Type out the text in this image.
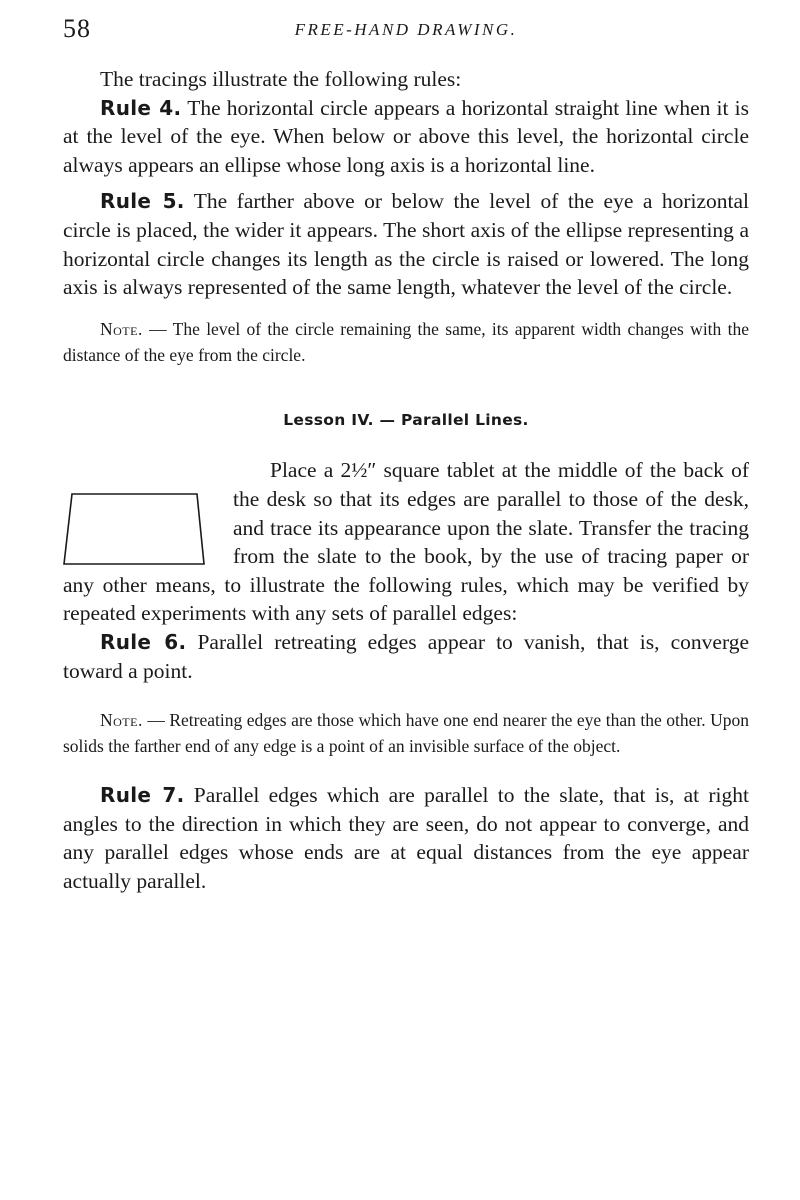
58	FREE-HAND DRAWING.

The tracings illustrate the following rules:

Rule 4. The horizontal circle appears a horizontal straight line when it is at the level of the eye. When below or above this level, the horizontal circle always appears an ellipse whose long axis is a horizontal line.

Rule 5. The farther above or below the level of the eye a horizontal circle is placed, the wider it appears. The short axis of the ellipse representing a horizontal circle changes its length as the circle is raised or lowered. The long axis is always represented of the same length, whatever the level of the circle.

Note. — The level of the circle remaining the same, its apparent width changes with the distance of the eye from the circle.

Lesson IV. — Parallel Lines.

Place a 2½″ square tablet at the middle of the back of the desk so that its edges are parallel to those of the desk, and trace its appearance upon the slate. Transfer the tracing from the slate to the book, by the use of tracing paper or any other means, to illustrate the following rules, which may be verified by repeated experiments with any sets of parallel edges:

Rule 6. Parallel retreating edges appear to vanish, that is, converge toward a point.

Note. — Retreating edges are those which have one end nearer the eye than the other. Upon solids the farther end of any edge is a point of an invisible surface of the object.

Rule 7. Parallel edges which are parallel to the slate, that is, at right angles to the direction in which they are seen, do not appear to converge, and any parallel edges whose ends are at equal distances from the eye appear actually parallel.
